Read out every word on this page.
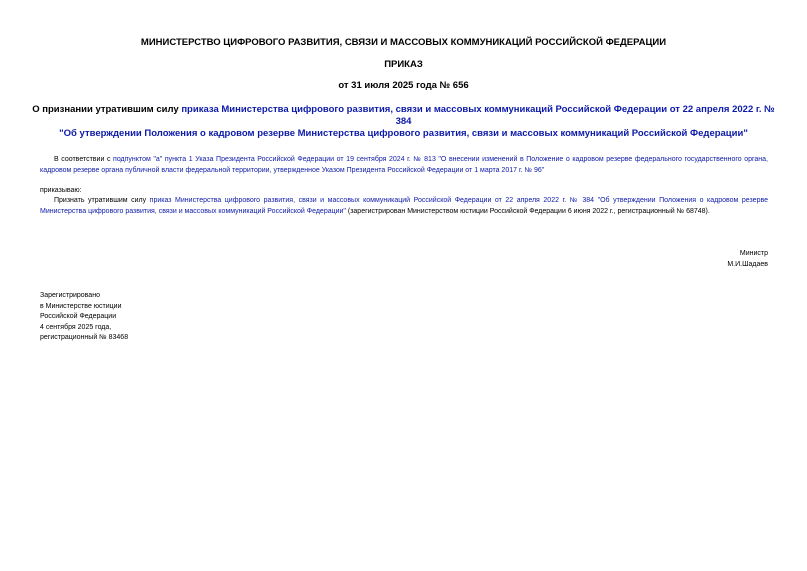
МИНИСТЕРСТВО ЦИФРОВОГО РАЗВИТИЯ, СВЯЗИ И МАССОВЫХ КОММУНИКАЦИЙ РОССИЙСКОЙ ФЕДЕРАЦИИ
ПРИКАЗ
от 31 июля 2025 года № 656
О признании утратившим силу приказа Министерства цифрового развития, связи и массовых коммуникаций Российской Федерации от 22 апреля 2022 г. № 384
"Об утверждении Положения о кадровом резерве Министерства цифрового развития, связи и массовых коммуникаций Российской Федерации"
В соответствии с подпунктом "а" пункта 1 Указа Президента Российской Федерации от 19 сентября 2024 г. № 813 "О внесении изменений в Положение о кадровом резерве федерального государственного органа, кадровом резерве органа публичной власти федеральной территории, утвержденное Указом Президента Российской Федерации от 1 марта 2017 г. № 96"
приказываю:
Признать утратившим силу приказ Министерства цифрового развития, связи и массовых коммуникаций Российской Федерации от 22 апреля 2022 г. № 384 "Об утверждении Положения о кадровом резерве Министерства цифрового развития, связи и массовых коммуникаций Российской Федерации" (зарегистрирован Министерством юстиции Российской Федерации 6 июня 2022 г., регистрационный № 68748).
Министр
М.И.Шадаев
Зарегистрировано
в Министерстве юстиции
Российской Федерации
4 сентября 2025 года,
регистрационный № 83468
